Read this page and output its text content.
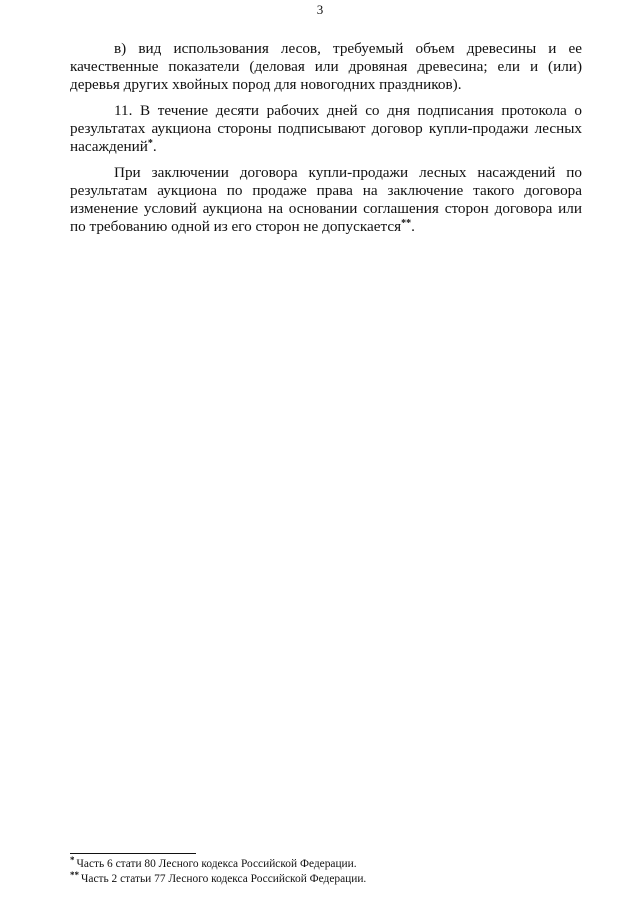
3

в) вид использования лесов, требуемый объем древесины и ее качественные показатели (деловая или дровяная древесина; ели и (или) деревья других хвойных пород для новогодних праздников).

11. В течение десяти рабочих дней со дня подписания протокола о результатах аукциона стороны подписывают договор купли-продажи лесных насаждений*.

При заключении договора купли-продажи лесных насаждений по результатам аукциона по продаже права на заключение такого договора изменение условий аукциона на основании соглашения сторон договора или по требованию одной из его сторон не допускается**.

* Часть 6 стати 80 Лесного кодекса Российской Федерации.

** Часть 2 статьи 77 Лесного кодекса Российской Федерации.
